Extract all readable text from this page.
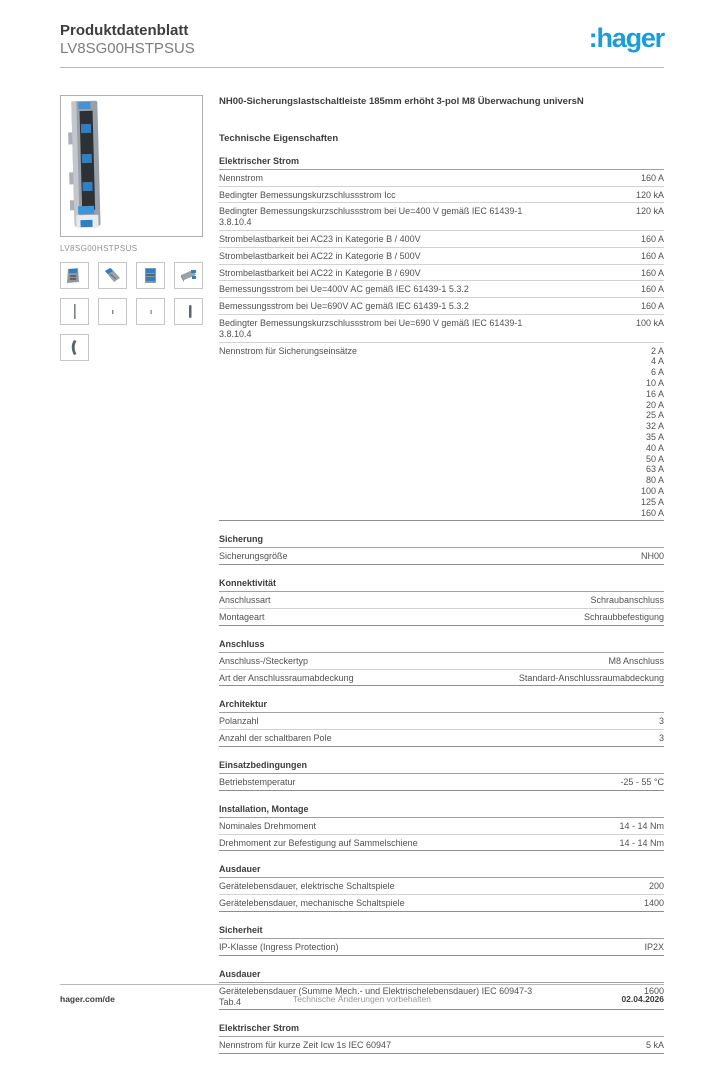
Produktdatenblatt
LV8SG00HSTPSUS	:hager
LV8SG00HSTPSUS
NH00-Sicherungslastschaltleiste 185mm erhöht 3-pol M8 Überwachung universN
Technische Eigenschaften
Elektrischer Strom
Nennstrom	160 A
Bedingter Bemessungskurzschlussstrom Icc	120 kA
Bedingter Bemessungskurzschlussstrom bei Ue=400 V gemäß IEC 61439-1 3.8.10.4
120 kA
Strombelastbarkeit bei AC23 in Kategorie B / 400V	160 A
Strombelastbarkeit bei AC22 in Kategorie B / 500V	160 A
Strombelastbarkeit bei AC22 in Kategorie B / 690V	160 A
Bemessungsstrom bei Ue=400V AC gemäß IEC 61439-1 5.3.2	160 A
Bemessungsstrom bei Ue=690V AC gemäß IEC 61439-1 5.3.2	160 A
Bedingter Bemessungskurzschlussstrom bei Ue=690 V gemäß IEC 61439-1 3.8.10.4
100 kA
Nennstrom für Sicherungseinsätze	2 A
4 A
6 A
10 A
16 A
20 A
25 A
32 A
35 A
40 A
50 A
63 A
80 A
100 A
125 A
160 A
Sicherung
Sicherungsgröße	NH00
Konnektivität
Anschlussart	Schraubanschluss
Montageart	Schraubbefestigung
Anschluss
Anschluss-/Steckertyp	M8 Anschluss
Art der Anschlussraumabdeckung	Standard-Anschlussraumabdeckung
Architektur
Polanzahl	3
Anzahl der schaltbaren Pole	3
Einsatzbedingungen
Betriebstemperatur	-25 - 55 °C
Installation, Montage
Nominales Drehmoment	14 - 14 Nm
Drehmoment zur Befestigung auf Sammelschiene	14 - 14 Nm
Ausdauer
Gerätelebensdauer, elektrische Schaltspiele	200
Gerätelebensdauer, mechanische Schaltspiele	1400
Sicherheit
IP-Klasse (Ingress Protection)	IP2X
Ausdauer
Gerätelebensdauer (Summe Mech.- und Elektrischelebensdauer) IEC 60947-3 Tab.4
1600
Elektrischer Strom
Nennstrom für kurze Zeit Icw 1s IEC 60947	5 kA
Technische Änderungen vorbehalten
hager.com/de	02.04.2026
